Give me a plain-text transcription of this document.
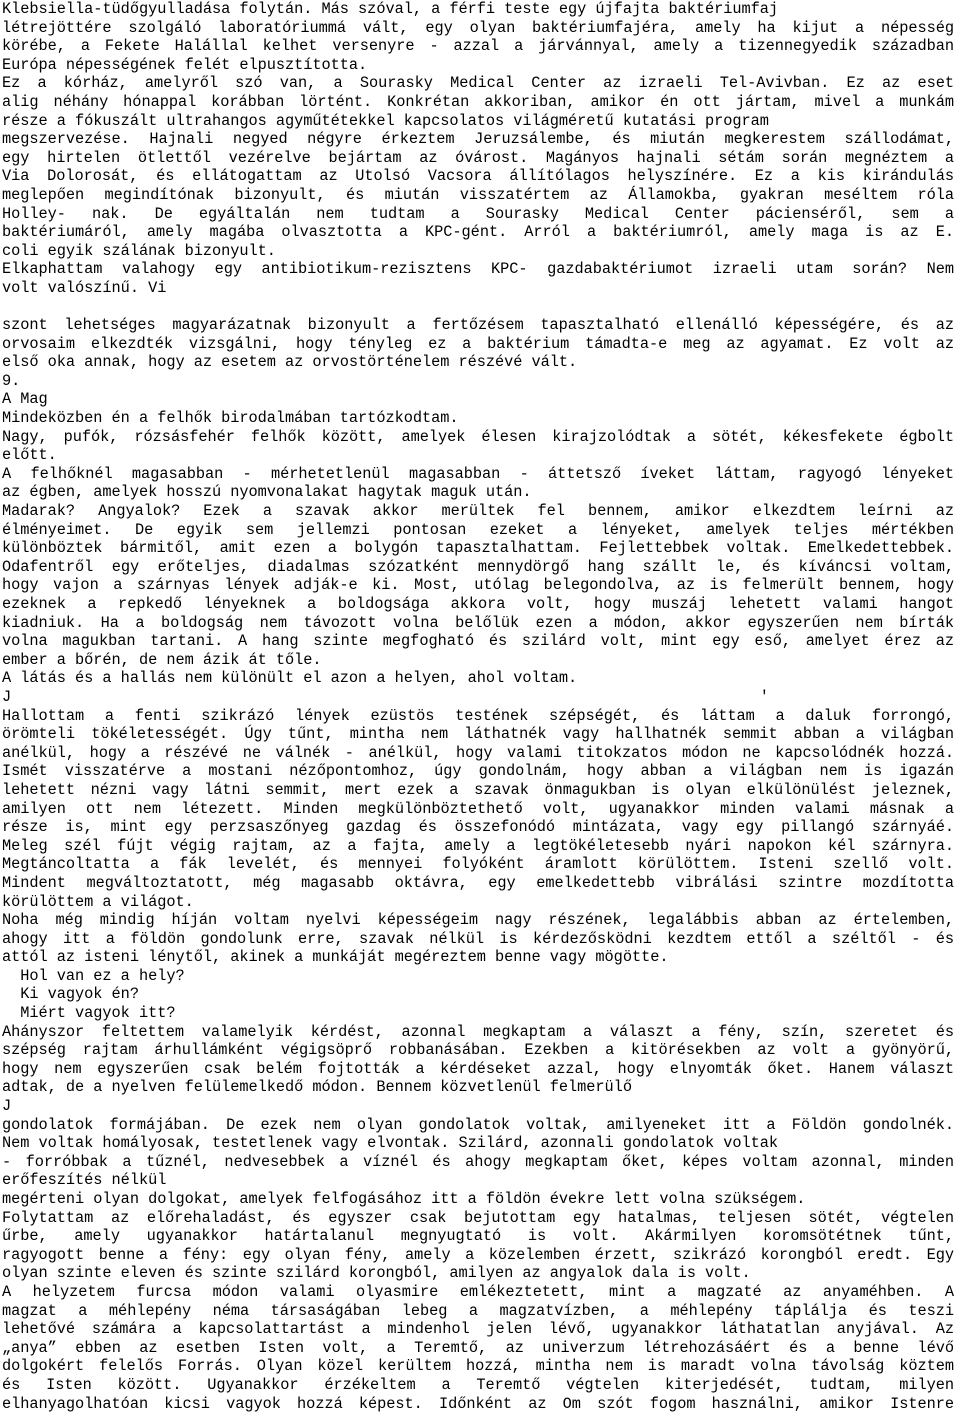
Klebsiella-tüdőgyulladása folytán. Más szóval, a férfi teste egy újfajta baktériumfaj
létrejöttére szolgáló laboratóriummá vált, egy olyan baktériumfajéra, amely ha kijut a népesség
körébe, a Fekete Halállal kelhet versenyre - azzal a járvánnyal, amely a tizennegyedik században
Európa népességének felét elpusztította.
Ez a kórház, amelyről szó van, a Sourasky Medical Center az izraeli Tel-Avivban. Ez az eset
alig néhány hónappal korábban lörtént. Konkrétan akkoriban, amikor én ott jártam, mivel a munkám
része a fókuszált ultrahangos agyműtétekkel kapcsolatos világméretű kutatási program
megszervezése. Hajnali negyed négyre érkeztem Jeruzsálembe, és miután megkerestem szállodámat,
egy hirtelen ötlettől vezérelve bejártam az óvárost. Magányos hajnali sétám során megnéztem a
Via Dolorosát, és ellátogattam az Utolsó Vacsora állítólagos helyszínére. Ez a kis kirándulás
meglepően megindítónak bizonyult, és miután visszatértem az Államokba, gyakran meséltem róla
Holley- nak. De egyáltalán nem tudtam a Sourasky Medical Center pácienséről, sem a
baktériumáról, amely magába olvasztotta a KPC-gént. Arról a baktériumról, amely maga is az E.
coli egyik szálának bizonyult.
Elkaphattam valahogy egy antibiotikum-rezisztens KPC- gazdabaktériumot izraeli utam során? Nem
volt valószínű. Vi
szont lehetséges magyarázatnak bizonyult a fertőzésem tapasztalható ellenálló képességére, és az
orvosaim elkezdték vizsgálni, hogy tényleg ez a baktérium támadta-e meg az agyamat. Ez volt az
első oka annak, hogy az esetem az orvostörténelem részévé vált.
9.
A Mag
Mindeközben én a felhők birodalmában tartózkodtam.
Nagy, pufók, rózsásfehér felhők között, amelyek élesen kirajzolódtak a sötét, kékesfekete égbolt
előtt.
A felhőknél magasabban - mérhetetlenül magasabban - áttetsző íveket láttam, ragyogó lényeket
az égben, amelyek hosszú nyomvonalakat hagytak maguk után.
Madarak? Angyalok? Ezek a szavak akkor merültek fel bennem, amikor elkezdtem leírni az
élményeimet. De egyik sem jellemzi pontosan ezeket a lényeket, amelyek teljes mértékben
különböztek bármitől, amit ezen a bolygón tapasztalhattam. Fejlettebbek voltak. Emelkedettebbek.
Odafentről egy erőteljes, diadalmas szózatként mennydörgő hang szállt le, és kíváncsi voltam,
hogy vajon a szárnyas lények adják-e ki. Most, utólag belegondolva, az is felmerült bennem, hogy
ezeknek a repkedő lényeknek a boldogsága akkora volt, hogy muszáj lehetett valami hangot
kiadniuk. Ha a boldogság nem távozott volna belőlük ezen a módon, akkor egyszerűen nem bírták
volna magukban tartani. A hang szinte megfogható és szilárd volt, mint egy eső, amelyet érez az
ember a bőrén, de nem ázik át tőle.
A látás és a hallás nem különült el azon a helyen, ahol voltam.
J                                                                                  '
Hallottam a fenti szikrázó lények ezüstös testének szépségét, és láttam a daluk forrongó,
örömteli tökéletességét. Úgy tűnt, mintha nem láthatnék vagy hallhatnék semmit abban a világban
anélkül, hogy a részévé ne válnék - anélkül, hogy valami titokzatos módon ne kapcsolódnék hozzá.
Ismét visszatérve a mostani nézőpontomhoz, úgy gondolnám, hogy abban a világban nem is igazán
lehetett nézni vagy látni semmit, mert ezek a szavak önmagukban is olyan elkülönülést jeleznek,
amilyen ott nem létezett. Minden megkülönböztethető volt, ugyanakkor minden valami másnak a
része is, mint egy perzsaszőnyeg gazdag és összefonódó mintázata, vagy egy pillangó szárnyáé.
Meleg szél fújt végig rajtam, az a fajta, amely a legtökéletesebb nyári napokon kél szárnyra.
Megtáncoltatta a fák levelét, és mennyei folyóként áramlott körülöttem. Isteni szellő volt.
Mindent megváltoztatott, még magasabb oktávra, egy emelkedettebb vibrálási szintre mozdította
körülöttem a világot.
Noha még mindig híján voltam nyelvi képességeim nagy részének, legalábbis abban az értelemben,
ahogy itt a földön gondolunk erre, szavak nélkül is kérdezősködni kezdtem ettől a széltől - és
attól az isteni lénytől, akinek a munkáját megéreztem benne vagy mögötte.
Hol van ez a hely?
Ki vagyok én?
Miért vagyok itt?
Ahányszor feltettem valamelyik kérdést, azonnal megkaptam a választ a fény, szín, szeretet és
szépség rajtam árhullámként végigsöprő robbanásában. Ezekben a kitörésekben az volt a gyönyörű,
hogy nem egyszerűen csak belém fojtották a kérdéseket azzal, hogy elnyomták őket. Hanem választ
adtak, de a nyelven felülemelkedő módon. Bennem közvetlenül felmerülő
J
gondolatok formájában. De ezek nem olyan gondolatok voltak, amilyeneket itt a Földön gondolnék.
Nem voltak homályosak, testetlenek vagy elvontak. Szilárd, azonnali gondolatok voltak
- forróbbak a tűznél, nedvesebbek a víznél és ahogy megkaptam őket, képes voltam azonnal, minden
erőfeszítés nélkül
megérteni olyan dolgokat, amelyek felfogásához itt a földön évekre lett volna szükségem.
Folytattam az előrehaladást, és egyszer csak bejutottam egy hatalmas, teljesen sötét, végtelen
űrbe, amely ugyanakkor határtalanul megnyugtató is volt. Akármilyen koromsötétnek tűnt,
ragyogott benne a fény: egy olyan fény, amely a közelemben érzett, szikrázó korongból eredt. Egy
olyan szinte eleven és szinte szilárd korongból, amilyen az angyalok dala is volt.
A helyzetem furcsa módon valami olyasmire emlékeztetett, mint a magzaté az anyaméhben. A
magzat a méhlepény néma társaságában lebeg a magzatvízben, a méhlepény táplálja és teszi
lehetővé számára a kapcsolattartást a mindenhol jelen lévő, ugyanakkor láthatatlan anyjával. Az
„anya” ebben az esetben Isten volt, a Teremtő, az univerzum létrehozásáért és a benne lévő
dolgokért felelős Forrás. Olyan közel kerültem hozzá, mintha nem is maradt volna távolság köztem
és Isten között. Ugyanakkor érzékeltem a Teremtő végtelen kiterjedését, tudtam, milyen
elhanyagolhatóan kicsi vagyok hozzá képest. Időnként az Om szót fogom használni, amikor Istenre
